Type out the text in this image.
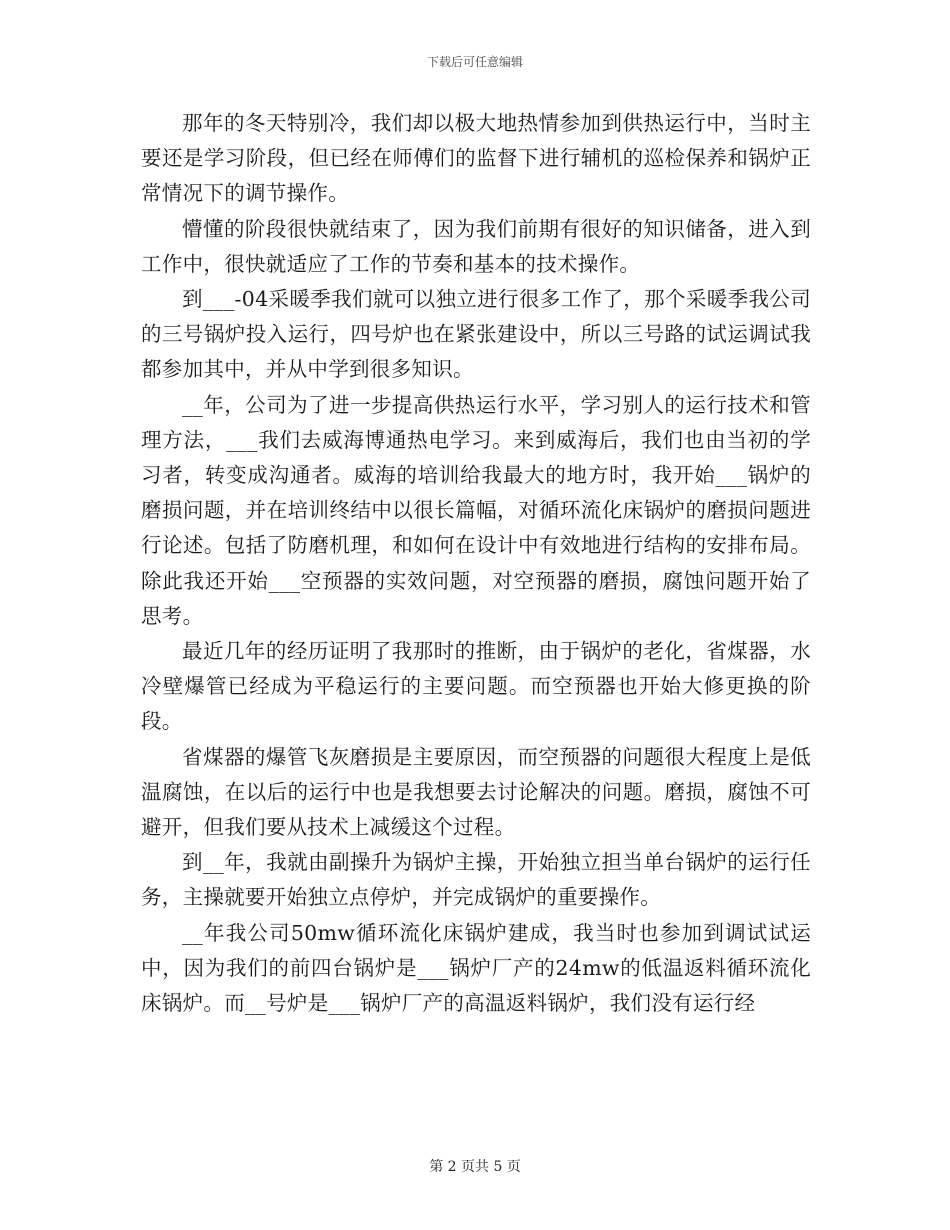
下载后可任意编辑

那年的冬天特别冷，我们却以极大地热情参加到供热运行中，当时主要还是学习阶段，但已经在师傅们的监督下进行辅机的巡检保养和锅炉正常情况下的调节操作。

懵懂的阶段很快就结束了，因为我们前期有很好的知识储备，进入到工作中，很快就适应了工作的节奏和基本的技术操作。

到___-04采暖季我们就可以独立进行很多工作了，那个采暖季我公司的三号锅炉投入运行，四号炉也在紧张建设中，所以三号路的试运调试我都参加其中，并从中学到很多知识。

__年，公司为了进一步提高供热运行水平，学习别人的运行技术和管理方法，___我们去威海博通热电学习。来到威海后，我们也由当初的学习者，转变成沟通者。威海的培训给我最大的地方时，我开始___锅炉的磨损问题，并在培训终结中以很长篇幅，对循环流化床锅炉的磨损问题进行论述。包括了防磨机理，和如何在设计中有效地进行结构的安排布局。除此我还开始___空预器的实效问题，对空预器的磨损，腐蚀问题开始了思考。

最近几年的经历证明了我那时的推断，由于锅炉的老化，省煤器，水冷壁爆管已经成为平稳运行的主要问题。而空预器也开始大修更换的阶段。

省煤器的爆管飞灰磨损是主要原因，而空预器的问题很大程度上是低温腐蚀，在以后的运行中也是我想要去讨论解决的问题。磨损，腐蚀不可避开，但我们要从技术上减缓这个过程。

到__年，我就由副操升为锅炉主操，开始独立担当单台锅炉的运行任务，主操就要开始独立点停炉，并完成锅炉的重要操作。

__年我公司50mw循环流化床锅炉建成，我当时也参加到调试试运中，因为我们的前四台锅炉是___锅炉厂产的24mw的低温返料循环流化床锅炉。而__号炉是___锅炉厂产的高温返料锅炉，我们没有运行经

第 2 页共 5 页
